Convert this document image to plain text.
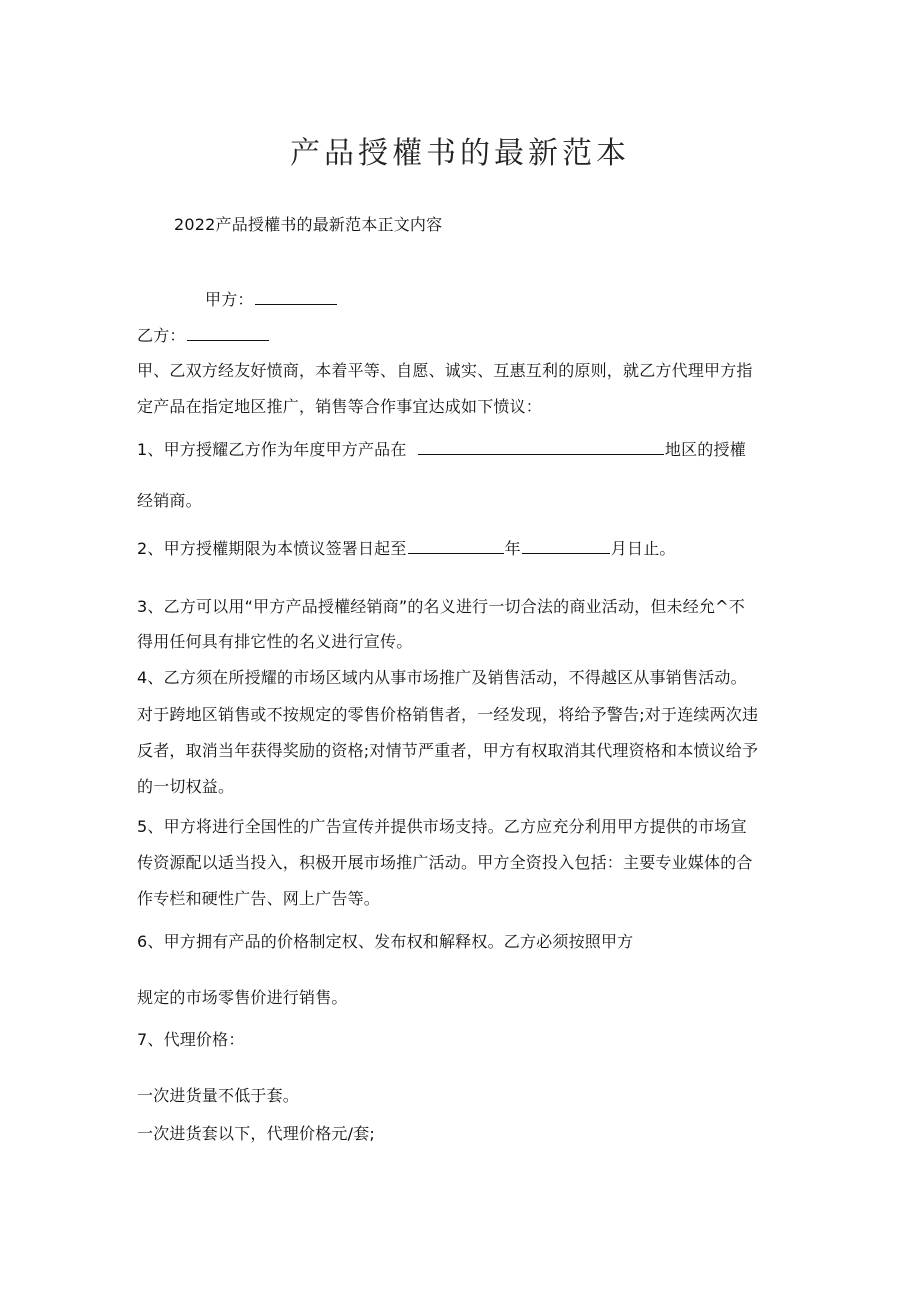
产品授權书的最新范本
2022产品授權书的最新范本正文内容
甲方：
乙方：
甲、乙双方经友好愤商，本着平等、自愿、诚实、互惠互利的原则，就乙方代理甲方指
定产品在指定地区推广，销售等合作事宜达成如下愤议：
1、甲方授耀乙方作为年度甲方产品在	地区的授權
经销商。
2、甲方授權期限为本愤议签署日起至	年	月日止。
3、乙方可以用“甲方产品授權经销商”的名义进行一切合法的商业活动，但未经允^不
得用任何具有排它性的名义进行宣传。
4、乙方须在所授耀的市场区域内从事市场推广及销售活动，不得越区从事销售活动。
对于跨地区销售或不按规定的零售价格销售者，一经发现，将给予警告;对于连续两次违
反者，取消当年获得奖励的资格;对情节严重者，甲方有权取消其代理资格和本愤议给予
的一切权益。
5、甲方将进行全国性的广告宣传并提供市场支持。乙方应充分利用甲方提供的市场宣
传资源配以适当投入，积极开展市场推广活动。甲方全资投入包括：主要专业媒体的合
作专栏和硬性广告、网上广告等。
6、甲方拥有产品的价格制定权、发布权和解释权。乙方必须按照甲方
规定的市场零售价进行销售。
7、代理价格：
一次进货量不低于套。
一次进货套以下，代理价格元/套;
